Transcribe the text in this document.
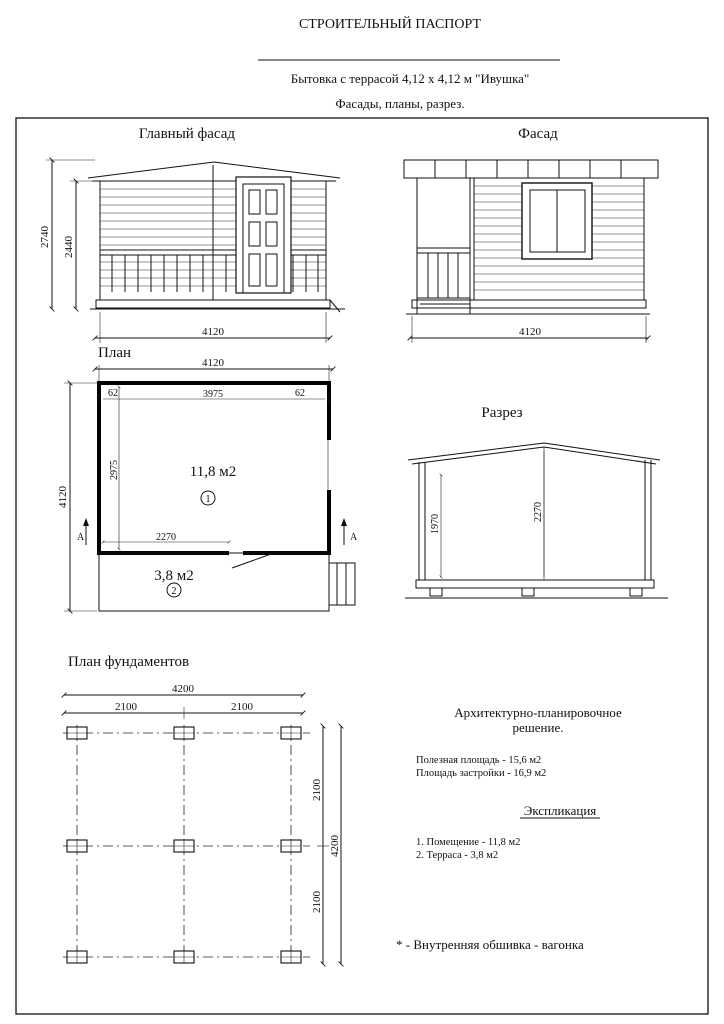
СТРОИТЕЛЬНЫЙ ПАСПОРТ
Бытовка с террасой 4,12 х 4,12 м "Ивушка"
Фасады, планы, разрез.
Главный фасад
2740 2440
4120
Фасад
4120
План
4120
3975
62	62
2975
2270
4120
A	A
11,8 м2
1
3,8 м2
2
Разрез
1970
2270
План фундаментов
4200
2100	2100
2100
2100
4200
Архитектурно-планировочное
решение.
Полезная площадь - 15,6 м2
Площадь застройки - 16,9 м2
Экспликация
1. Помещение - 11,8 м2
2. Терраса - 3,8 м2
* - Внутренняя обшивка - вагонка
